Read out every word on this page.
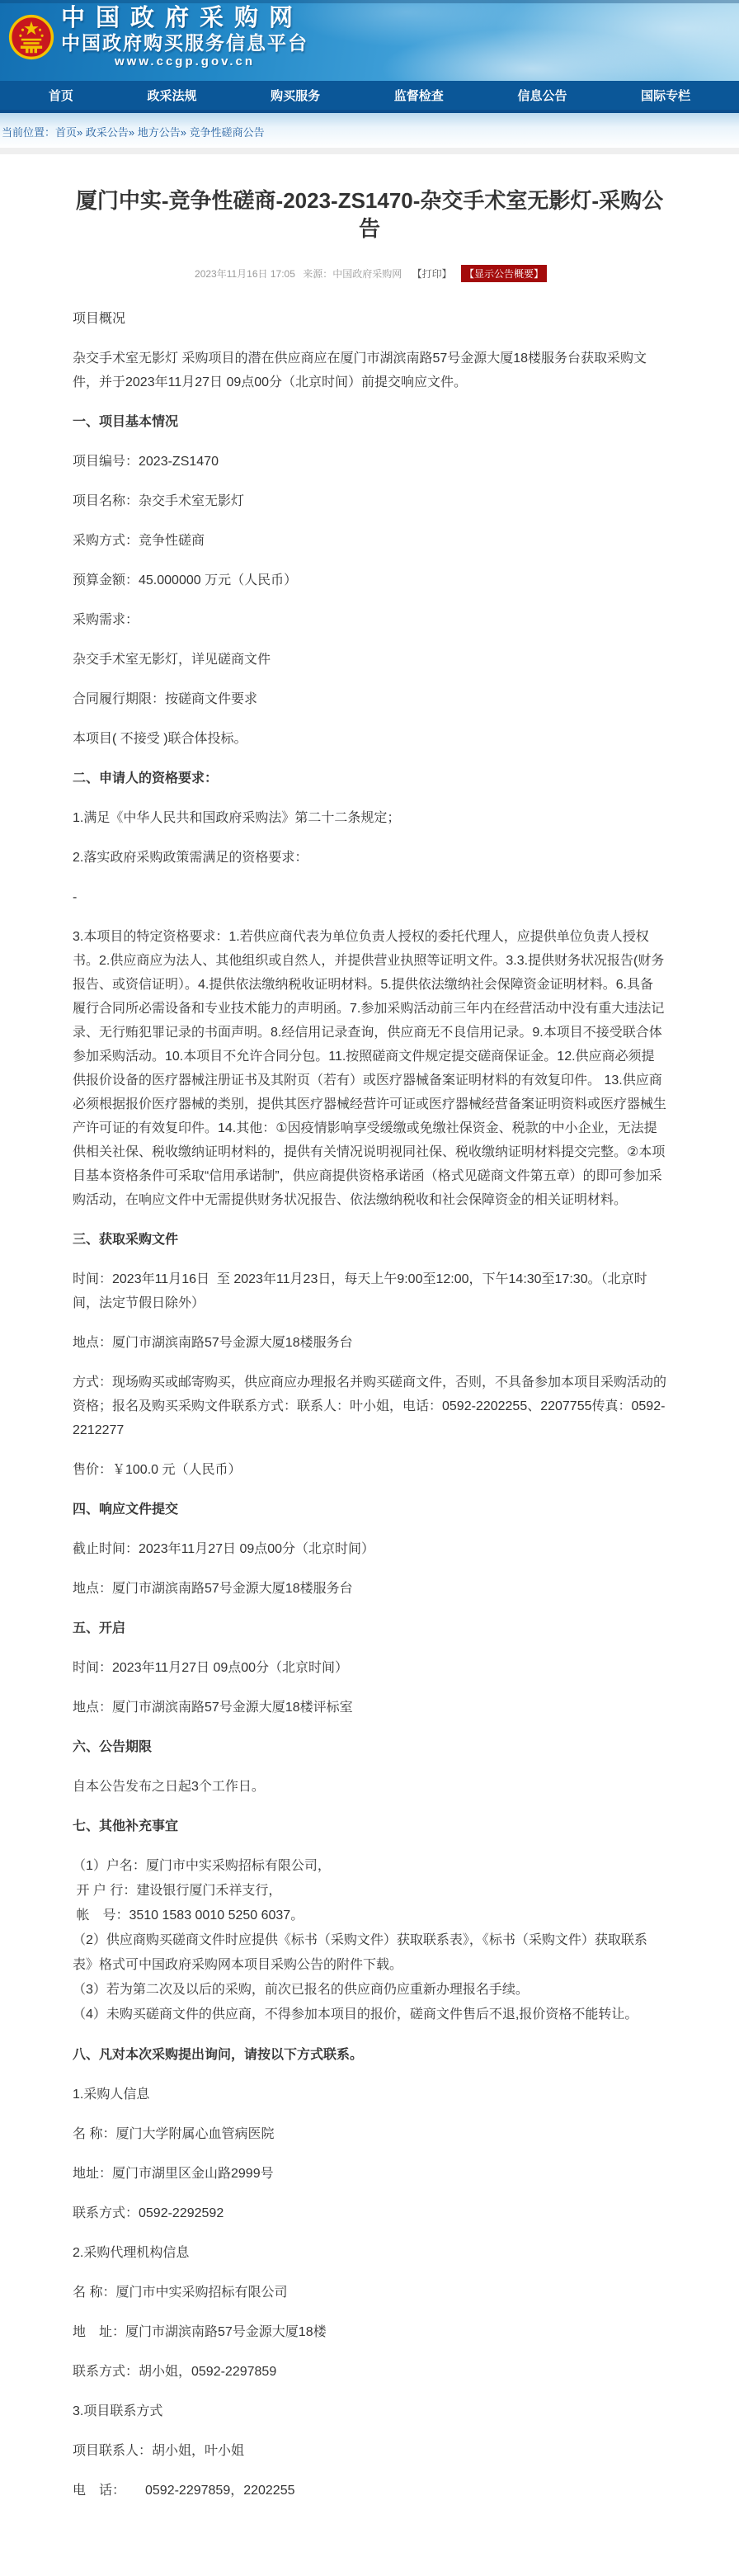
中国政府采购网
中国政府购买服务信息平台
www.ccgp.gov.cn
首页	政采法规	购买服务	监督检查	信息公告	国际专栏
当前位置：首页 » 政采公告 » 地方公告 » 竞争性磋商公告
厦门中实-竞争性磋商-2023-ZS1470-杂交手术室无影灯-采购公告
2023年11月16日 17:05 来源：中国政府采购网 【打印】 【显示公告概要】

项目概况

杂交手术室无影灯 采购项目的潜在供应商应在厦门市湖滨南路57号金源大厦18楼服务台获取采购文件，并于2023年11月27日 09点00分（北京时间）前提交响应文件。

一、项目基本情况

项目编号：2023-ZS1470

项目名称：杂交手术室无影灯

采购方式：竞争性磋商

预算金额：45.000000 万元（人民币）

采购需求：

杂交手术室无影灯，详见磋商文件

合同履行期限：按磋商文件要求

本项目( 不接受 )联合体投标。

二、申请人的资格要求：

1.满足《中华人民共和国政府采购法》第二十二条规定；

2.落实政府采购政策需满足的资格要求：

-

3.本项目的特定资格要求：1.若供应商代表为单位负责人授权的委托代理人，应提供单位负责人授权书。2.供应商应为法人、其他组织或自然人，并提供营业执照等证明文件。3.3.提供财务状况报告(财务报告、或资信证明）。4.提供依法缴纳税收证明材料。5.提供依法缴纳社会保障资金证明材料。6.具备履行合同所必需设备和专业技术能力的声明函。7.参加采购活动前三年内在经营活动中没有重大违法记录、无行贿犯罪记录的书面声明。8.经信用记录查询，供应商无不良信用记录。9.本项目不接受联合体参加采购活动。10.本项目不允许合同分包。11.按照磋商文件规定提交磋商保证金。12.供应商必须提供报价设备的医疗器械注册证书及其附页（若有）或医疗器械备案证明材料的有效复印件。 13.供应商必须根据报价医疗器械的类别，提供其医疗器械经营许可证或医疗器械经营备案证明资料或医疗器械生产许可证的有效复印件。14.其他：①因疫情影响享受缓缴或免缴社保资金、税款的中小企业，无法提供相关社保、税收缴纳证明材料的，提供有关情况说明视同社保、税收缴纳证明材料提交完整。②本项目基本资格条件可采取“信用承诺制”，供应商提供资格承诺函（格式见磋商文件第五章）的即可参加采购活动，在响应文件中无需提供财务状况报告、依法缴纳税收和社会保障资金的相关证明材料。

三、获取采购文件

时间：2023年11月16日  至 2023年11月23日，每天上午9:00至12:00，下午14:30至17:30。（北京时间，法定节假日除外）

地点：厦门市湖滨南路57号金源大厦18楼服务台

方式：现场购买或邮寄购买，供应商应办理报名并购买磋商文件，否则，不具备参加本项目采购活动的资格；报名及购买采购文件联系方式：联系人：叶小姐，电话：0592-2202255、2207755传真：0592-2212277

售价：￥100.0 元（人民币）

四、响应文件提交

截止时间：2023年11月27日 09点00分（北京时间）

地点：厦门市湖滨南路57号金源大厦18楼服务台

五、开启

时间：2023年11月27日 09点00分（北京时间）

地点：厦门市湖滨南路57号金源大厦18楼评标室

六、公告期限

自本公告发布之日起3个工作日。

七、其他补充事宜

（1）户名：厦门市中实采购招标有限公司，

开 户 行：建设银行厦门禾祥支行，

帐　号：3510 1583 0010 5250 6037。

（2）供应商购买磋商文件时应提供《标书（采购文件）获取联系表》，《标书（采购文件）获取联系表》格式可中国政府采购网本项目采购公告的附件下载。

（3）若为第二次及以后的采购，前次已报名的供应商仍应重新办理报名手续。

（4）未购买磋商文件的供应商，不得参加本项目的报价，磋商文件售后不退,报价资格不能转让。

八、凡对本次采购提出询问，请按以下方式联系。

1.采购人信息

名 称：厦门大学附属心血管病医院

地址：厦门市湖里区金山路2999号

联系方式：0592-2292592

2.采购代理机构信息

名 称：厦门市中实采购招标有限公司

地　址：厦门市湖滨南路57号金源大厦18楼

联系方式：胡小姐，0592-2297859

3.项目联系方式

项目联系人：胡小姐，叶小姐

电　话：　　0592-2297859，2202255
